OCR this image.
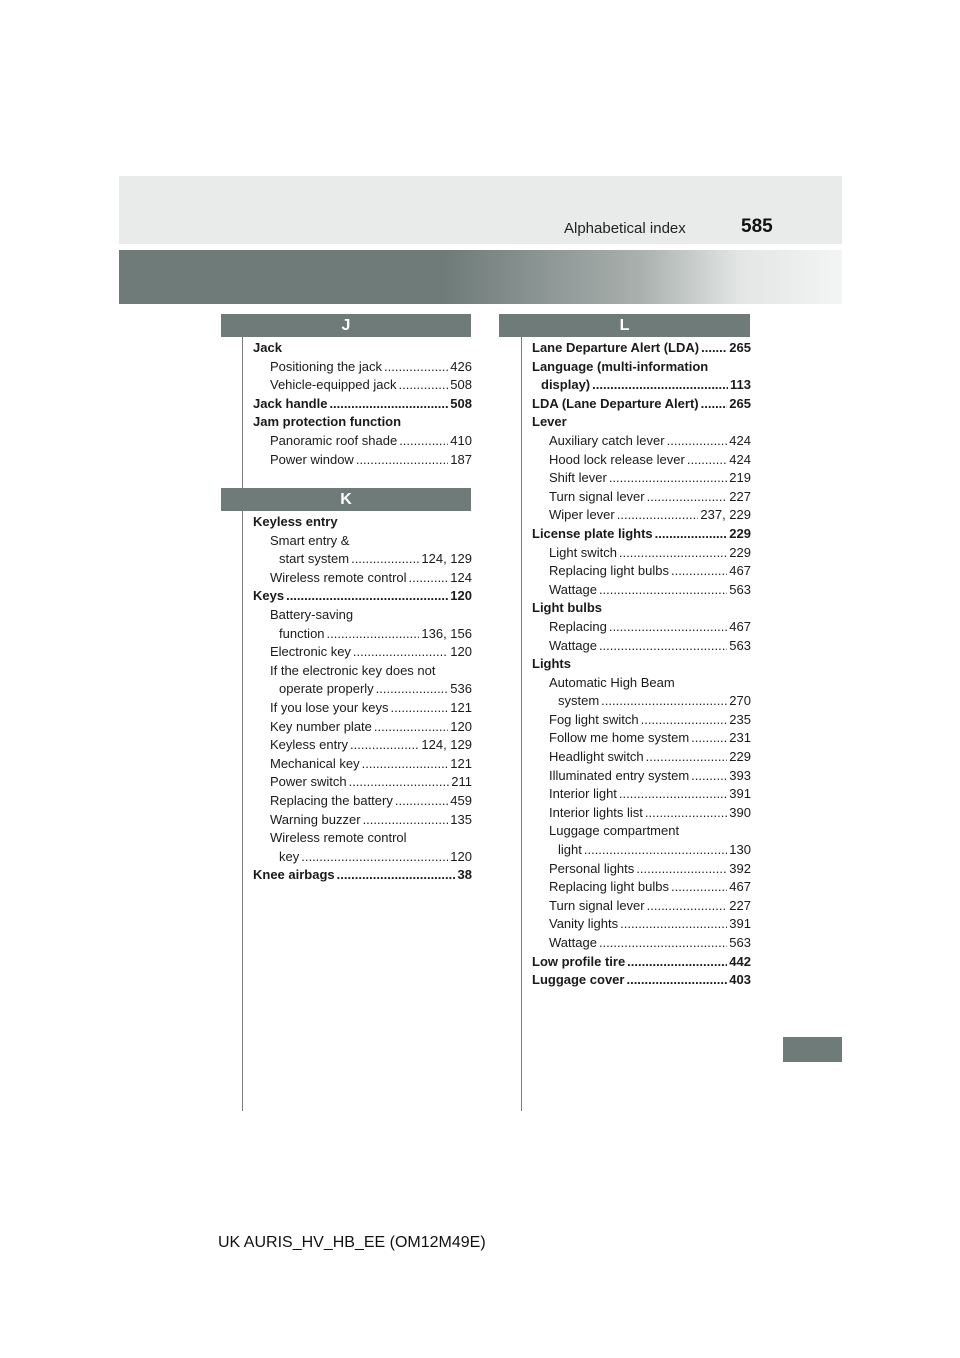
Alphabetical index	585
J
Jack
Positioning the jack .....	426
Vehicle-equipped jack .....	508
Jack handle .....	508
Jam protection function
Panoramic roof shade .....	410
Power window .....	187
K
Keyless entry
Smart entry &
start system .....	124, 129
Wireless remote control .....	124
Keys .....	120
Battery-saving
function .....	136, 156
Electronic key .....	120
If the electronic key does not
operate properly .....	536
If you lose your keys .....	121
Key number plate .....	120
Keyless entry .....	124, 129
Mechanical key .....	121
Power switch .....	211
Replacing the battery .....	459
Warning buzzer .....	135
Wireless remote control
key .....	120
Knee airbags .....	38
L
Lane Departure Alert (LDA) ..... 265
Language (multi-information
display) .....	113
LDA (Lane Departure Alert) ..... 265
Lever
Auxiliary catch lever .....	424
Hood lock release lever .....	424
Shift lever .....	219
Turn signal lever .....	227
Wiper lever .....	237, 229
License plate lights .....	229
Light switch .....	229
Replacing light bulbs .....	467
Wattage .....	563
Light bulbs
Replacing .....	467
Wattage .....	563
Lights
Automatic High Beam
system .....	270
Fog light switch .....	235
Follow me home system .....	231
Headlight switch .....	229
Illuminated entry system .....	393
Interior light .....	391
Interior lights list .....	390
Luggage compartment
light .....	130
Personal lights .....	392
Replacing light bulbs .....	467
Turn signal lever .....	227
Vanity lights .....	391
Wattage .....	563
Low profile tire .....	442
Luggage cover .....	403
UK AURIS_HV_HB_EE (OM12M49E)
